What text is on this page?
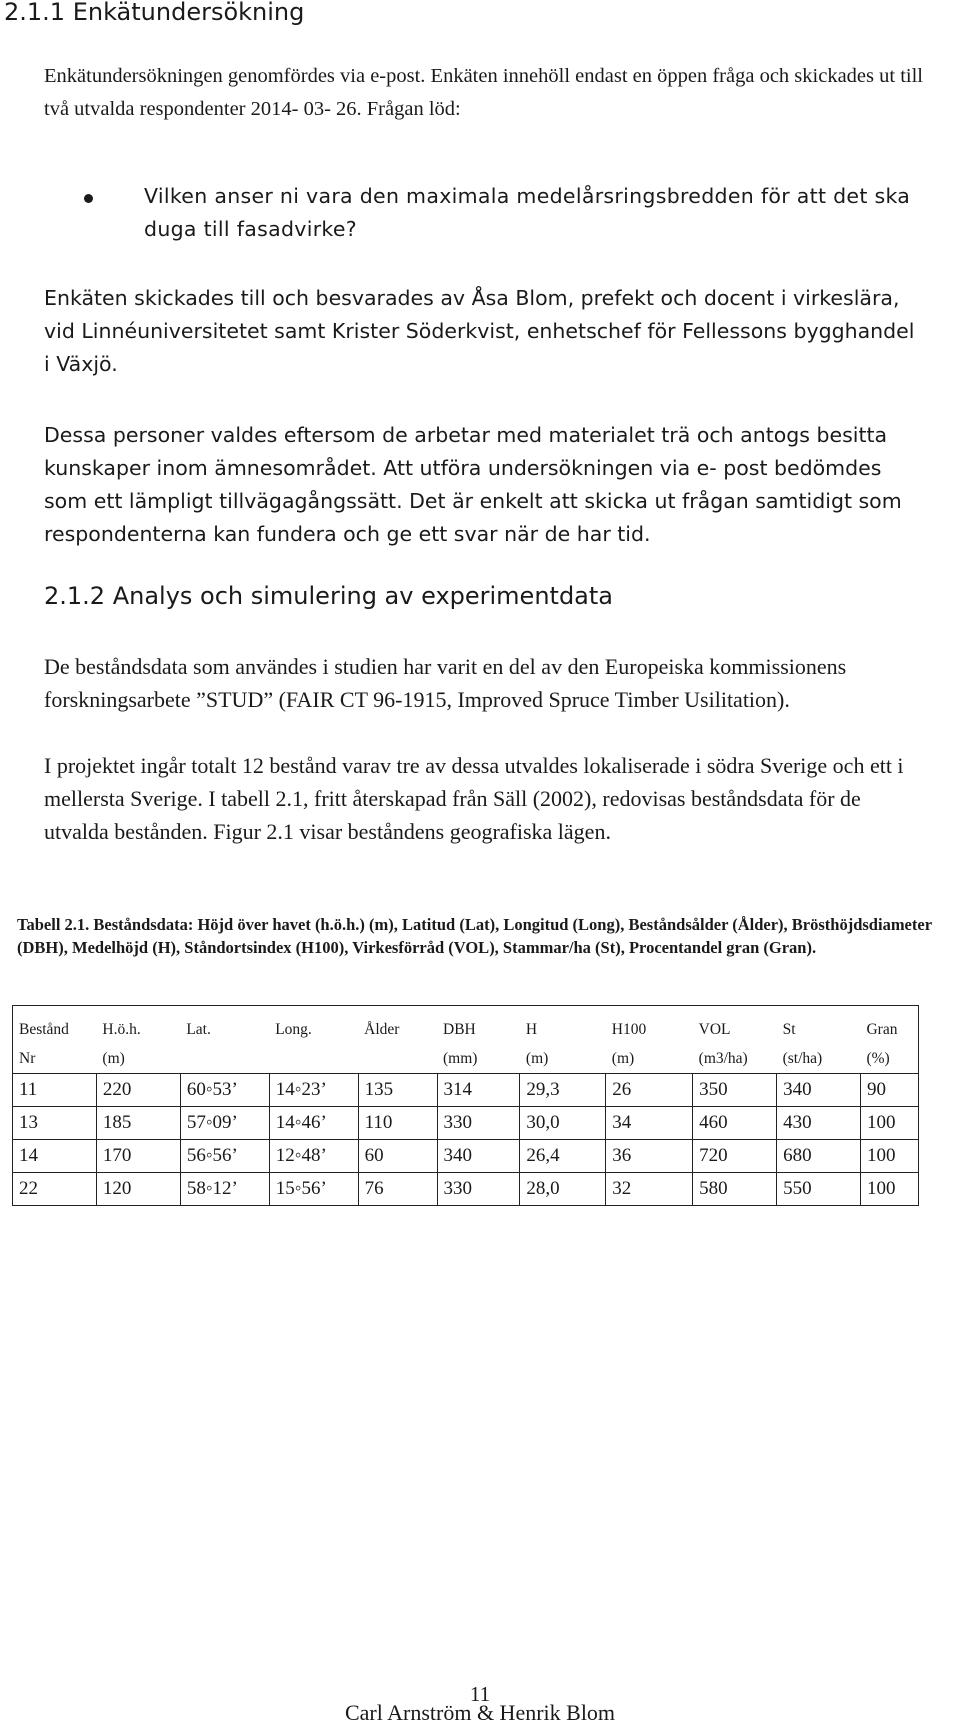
2.1.1 Enkätundersökning

Enkätundersökningen genomfördes via e-post. Enkäten innehöll endast en öppen fråga och skickades ut till två utvalda respondenter 2014- 03- 26. Frågan löd:

Vilken anser ni vara den maximala medelårsringsbredden för att det ska duga till fasadvirke?

Enkäten skickades till och besvarades av Åsa Blom, prefekt och docent i virkeslära, vid Linnéuniversitetet samt Krister Söderkvist, enhetschef för Fellessons bygghandel i Växjö.

Dessa personer valdes eftersom de arbetar med materialet trä och antogs besitta kunskaper inom ämnesområdet. Att utföra undersökningen via e- post bedömdes som ett lämpligt tillvägagångssätt. Det är enkelt att skicka ut frågan samtidigt som respondenterna kan fundera och ge ett svar när de har tid.

2.1.2 Analys och simulering av experimentdata

De beståndsdata som användes i studien har varit en del av den Europeiska kommissionens forskningsarbete ”STUD” (FAIR CT 96-1915, Improved Spruce Timber Usilitation).

I projektet ingår totalt 12 bestånd varav tre av dessa utvaldes lokaliserade i södra Sverige och ett i mellersta Sverige. I tabell 2.1, fritt återskapad från Säll (2002), redovisas beståndsdata för de utvalda bestånden. Figur 2.1 visar beståndens geografiska lägen.

Tabell 2.1. Beståndsdata: Höjd över havet (h.ö.h.) (m), Latitud (Lat), Longitud (Long), Beståndsålder (Ålder), Brösthöjdsdiameter (DBH), Medelhöjd (H), Ståndortsindex (H100), Virkesförråd (VOL), Stammar/ha (St), Procentandel gran (Gran).

Bestånd	H.ö.h.	Lat.	Long.	Ålder	DBH	H	H100	VOL	St	Gran
Nr	(m)				(mm)	(m)	(m)	(m3/ha)	(st/ha)	(%)
11	220	60◦53’	14◦23’	135	314	29,3	26	350	340	90
13	185	57◦09’	14◦46’	110	330	30,0	34	460	430	100
14	170	56◦56’	12◦48’	60	340	26,4	36	720	680	100
22	120	58◦12’	15◦56’	76	330	28,0	32	580	550	100
11
Carl Arnström & Henrik Blom
